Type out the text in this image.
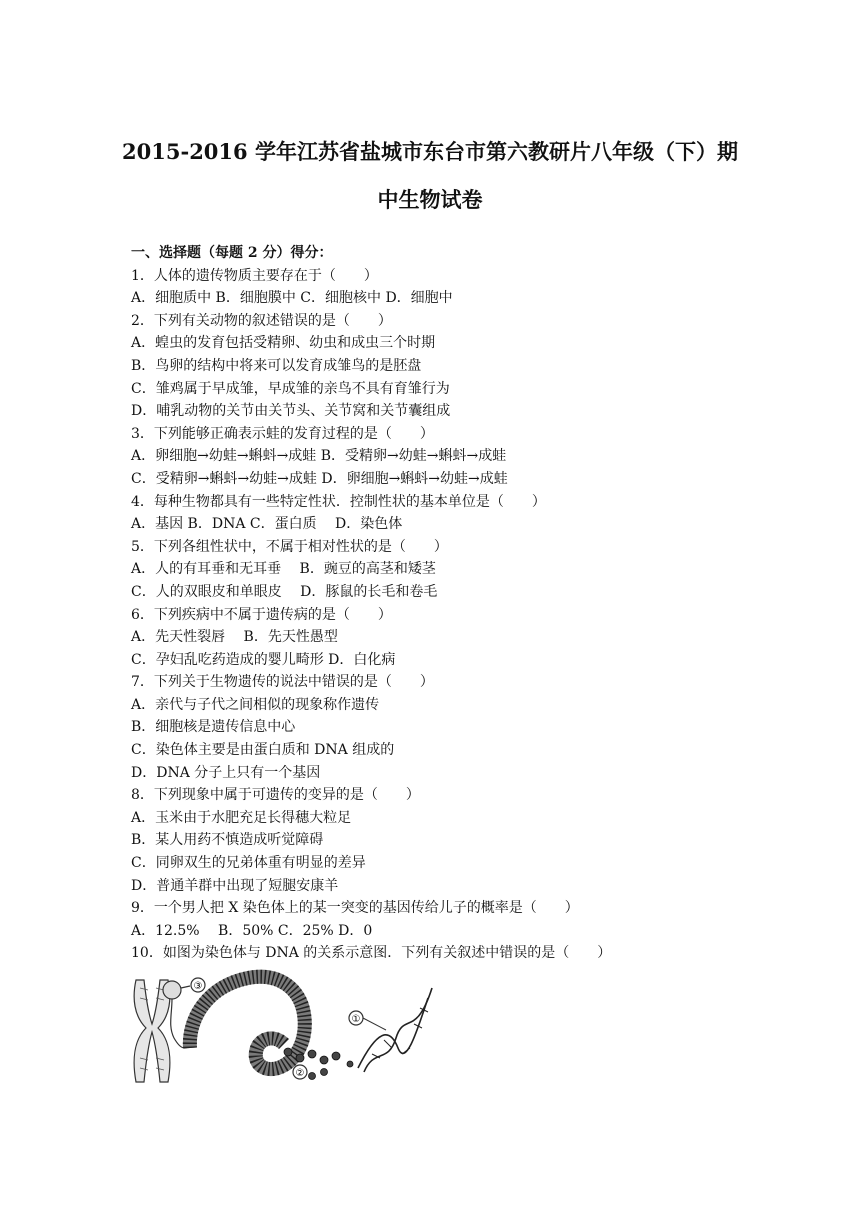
2015-2016 学年江苏省盐城市东台市第六教研片八年级（下）期
中生物试卷
一、选择题（每题 2 分）得分：
1．人体的遗传物质主要存在于（　　）
A．细胞质中 B．细胞膜中 C．细胞核中 D．细胞中
2．下列有关动物的叙述错误的是（　　）
A．蝗虫的发育包括受精卵、幼虫和成虫三个时期
B．鸟卵的结构中将来可以发育成雏鸟的是胚盘
C．雏鸡属于早成雏，早成雏的亲鸟不具有育雏行为
D．哺乳动物的关节由关节头、关节窝和关节囊组成
3．下列能够正确表示蛙的发育过程的是（　　）
A．卵细胞→幼蛙→蝌蚪→成蛙 B．受精卵→幼蛙→蝌蚪→成蛙
C．受精卵→蝌蚪→幼蛙→成蛙 D．卵细胞→蝌蚪→幼蛙→成蛙
4．每种生物都具有一些特定性状．控制性状的基本单位是（　　）
A．基因 B．DNA C．蛋白质　 D．染色体
5．下列各组性状中，不属于相对性状的是（　　）
A．人的有耳垂和无耳垂　 B．豌豆的高茎和矮茎
C．人的双眼皮和单眼皮　 D．豚鼠的长毛和卷毛
6．下列疾病中不属于遗传病的是（　　）
A．先天性裂唇　 B．先天性愚型
C．孕妇乱吃药造成的婴儿畸形 D．白化病
7．下列关于生物遗传的说法中错误的是（　　）
A．亲代与子代之间相似的现象称作遗传
B．细胞核是遗传信息中心
C．染色体主要是由蛋白质和 DNA 组成的
D．DNA 分子上只有一个基因
8．下列现象中属于可遗传的变异的是（　　）
A．玉米由于水肥充足长得穗大粒足
B．某人用药不慎造成听觉障碍
C．同卵双生的兄弟体重有明显的差异
D．普通羊群中出现了短腿安康羊
9．一个男人把 X 染色体上的某一突变的基因传给儿子的概率是（　　）
A．12.5%　 B．50% C．25% D．0
10．如图为染色体与 DNA 的关系示意图．下列有关叙述中错误的是（　　）
③
②
①
